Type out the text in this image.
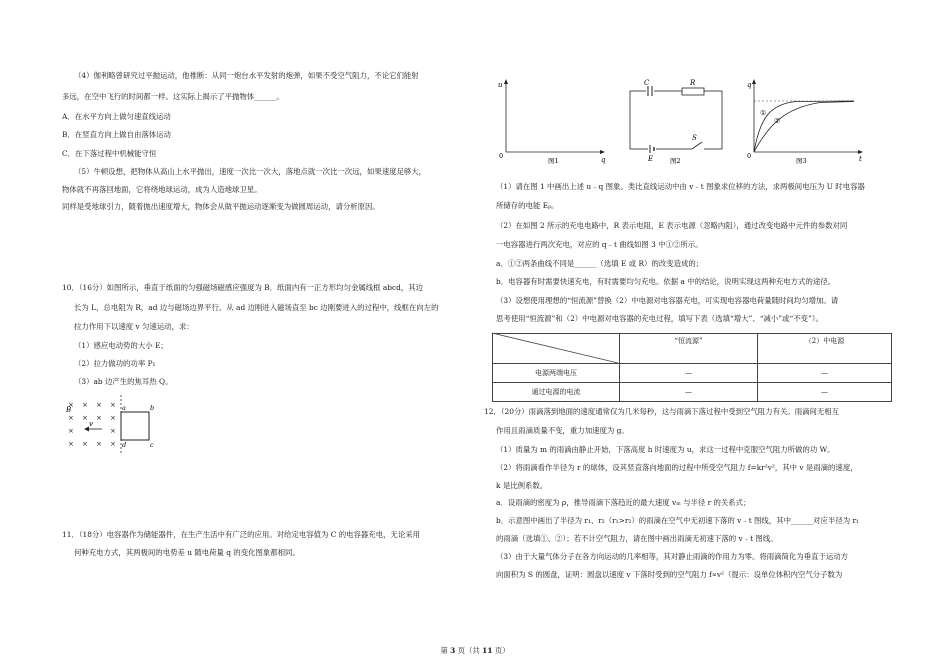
（4）伽利略曾研究过平抛运动，他推断：从同一炮台水平发射的炮弹，如果不受空气阻力，不论它们能射
多远，在空中飞行的时间都一样。这实际上揭示了平抛物体______。
A．在水平方向上做匀速直线运动
B．在竖直方向上做自由落体运动
C．在下落过程中机械能守恒
（5）牛顿设想，把物体从高山上水平抛出，速度一次比一次大，落地点就一次比一次远，如果速度足够大，
物体就不再落回地面，它将绕地球运动，成为人造地球卫星。
同样是受地球引力，随着抛出速度增大，物体会从做平抛运动逐渐变为做圆周运动，请分析原因。
10．（16分）如图所示，垂直于纸面的匀强磁场磁感应强度为 B．纸面内有一正方形均匀金属线框 abcd，其边
长为 L，总电阻为 R，ad 边与磁场边界平行。从 ad 边刚进入磁场直至 bc 边刚要进入的过程中，线框在向左的
拉力作用下以速度 v 匀速运动，求：
（1）感应电动势的大小 E；
（2）拉力做功的功率 P₁
（3）ab 边产生的焦耳热 Q。
× × × ×
× × × ×
×	×
× × × ×
B
v
a	b
c
d
11．（18分）电容器作为储能器件，在生产生活中有广泛的应用。对给定电容值为 C 的电容器充电，无论采用
何种充电方式，其两极间的电势差 u 随电荷量 q 的变化图象都相同。
u
q
0
图1
C	R
S
E	图2
q
t
0
①
②
图3
（1）请在图 1 中画出上述 u﹣q 图象。类比直线运动中由 v﹣t 图象求位移的方法，求两极间电压为 U 时电容器
所储存的电能 Eₚ。
（2）在如图 2 所示的充电电路中，R 表示电阻，E 表示电源（忽略内阻），通过改变电路中元件的参数对同
一电容器进行两次充电，对应的 q﹣t 曲线如图 3 中①②所示。
a．①②两条曲线不同是______（选填 E 或 R）的改变造成的；
b．电容器有时需要快速充电，有时需要均匀充电。依据 a 中的结论，说明实现这两种充电方式的途径。
（3）设想使用理想的“恒流源”替换（2）中电源对电容器充电，可实现电容器电荷量随时间均匀增加。请
思考使用“恒流源”和（2）中电源对电容器的充电过程，填写下表（选填“增大”、“减小”或“不变”）。
	“恒流源”	（2）中电源
电源两端电压	—	—
通过电源的电流	—	—
12．（20分）雨滴落到地面的速度通常仅为几米每秒，这与雨滴下落过程中受到空气阻力有关。雨滴间无相互
作用且雨滴质量不变，重力加速度为 g。
（1）质量为 m 的雨滴由静止开始，下落高度 h 时速度为 u，求这一过程中克服空气阻力所做的功 W。
（2）将雨滴看作半径为 r 的球体，设其竖直落向地面的过程中所受空气阻力 f=kr²v²，其中 v 是雨滴的速度，
k 是比例系数。
a．设雨滴的密度为 ρ，推导雨滴下落趋近的最大速度 vₘ 与半径 r 的关系式；
b．示意图中画出了半径为 r₁、r₂（r₁>r₂）的雨滴在空气中无初速下落的 v﹣t 图线，其中______对应半径为 r₁
的雨滴（选填①、②）；若不计空气阻力，请在图中画出雨滴无初速下落的 v﹣t 图线。
（3）由于大量气体分子在各方向运动的几率相等，其对静止雨滴的作用力为零。将雨滴简化为垂直于运动方
向面积为 S 的圆盘，证明：圆盘以速度 v 下落时受到的空气阻力 f∝v²（提示：设单位体积内空气分子数为
第 3 页（共 11 页）
